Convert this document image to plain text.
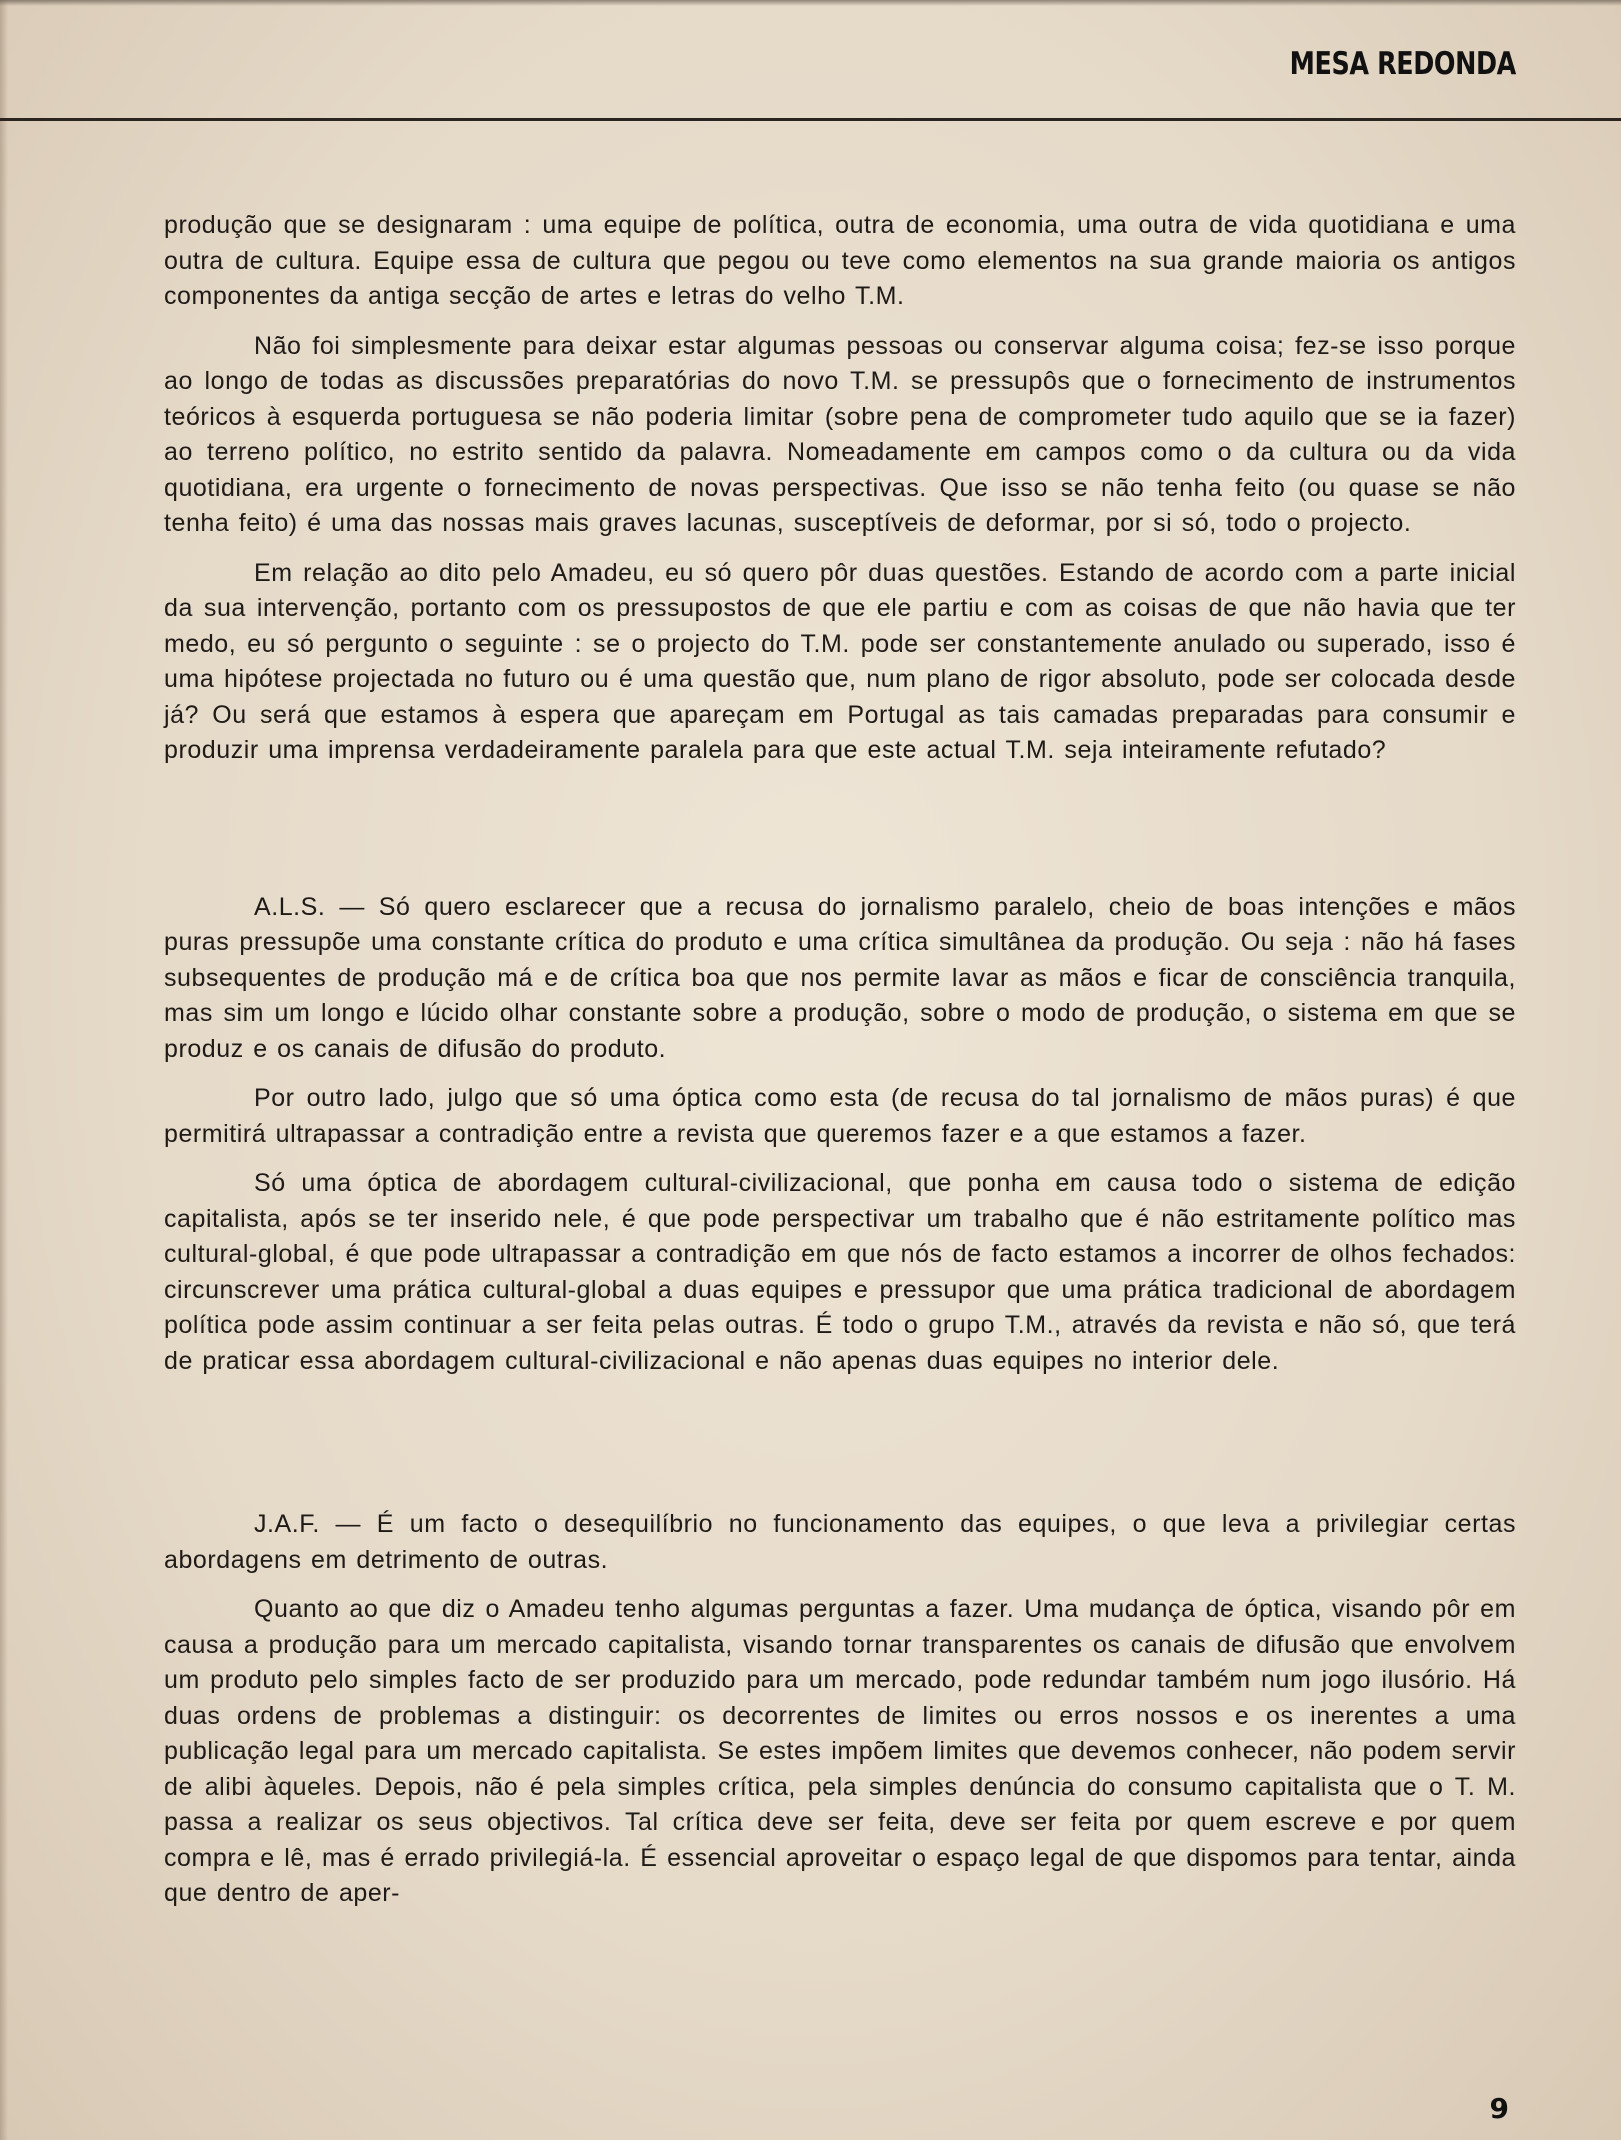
MESA REDONDA

produção que se designaram : uma equipe de política, outra de economia, uma outra de vida quotidiana e uma outra de cultura. Equipe essa de cultura que pegou ou teve como elementos na sua grande maioria os antigos componentes da antiga secção de artes e letras do velho T.M.

Não foi simplesmente para deixar estar algumas pessoas ou conservar alguma coisa; fez-se isso porque ao longo de todas as discussões preparatórias do novo T.M. se pressupôs que o fornecimento de instrumentos teóricos à esquerda portuguesa se não poderia limitar (sobre pena de comprometer tudo aquilo que se ia fazer) ao terreno político, no estrito sentido da palavra. Nomeadamente em campos como o da cultura ou da vida quotidiana, era urgente o fornecimento de novas perspectivas. Que isso se não tenha feito (ou quase se não tenha feito) é uma das nossas mais graves lacunas, susceptíveis de deformar, por si só, todo o projecto.

Em relação ao dito pelo Amadeu, eu só quero pôr duas questões. Estando de acordo com a parte inicial da sua intervenção, portanto com os pressupostos de que ele partiu e com as coisas de que não havia que ter medo, eu só pergunto o seguinte : se o projecto do T.M. pode ser constantemente anulado ou superado, isso é uma hipótese projectada no futuro ou é uma questão que, num plano de rigor absoluto, pode ser colocada desde já? Ou será que estamos à espera que apareçam em Portugal as tais camadas preparadas para consumir e produzir uma imprensa verdadeiramente paralela para que este actual T.M. seja inteiramente refutado?

A.L.S. — Só quero esclarecer que a recusa do jornalismo paralelo, cheio de boas intenções e mãos puras pressupõe uma constante crítica do produto e uma crítica simultânea da produção. Ou seja : não há fases subsequentes de produção má e de crítica boa que nos permite lavar as mãos e ficar de consciência tranquila, mas sim um longo e lúcido olhar constante sobre a produção, sobre o modo de produção, o sistema em que se produz e os canais de difusão do produto.

Por outro lado, julgo que só uma óptica como esta (de recusa do tal jornalismo de mãos puras) é que permitirá ultrapassar a contradição entre a revista que queremos fazer e a que estamos a fazer.

Só uma óptica de abordagem cultural-civilizacional, que ponha em causa todo o sistema de edição capitalista, após se ter inserido nele, é que pode perspectivar um trabalho que é não estritamente político mas cultural-global, é que pode ultrapassar a contradição em que nós de facto estamos a incorrer de olhos fechados: circunscrever uma prática cultural-global a duas equipes e pressupor que uma prática tradicional de abordagem política pode assim continuar a ser feita pelas outras. É todo o grupo T.M., através da revista e não só, que terá de praticar essa abordagem cultural-civilizacional e não apenas duas equipes no interior dele.

J.A.F. — É um facto o desequilíbrio no funcionamento das equipes, o que leva a privilegiar certas abordagens em detrimento de outras.

Quanto ao que diz o Amadeu tenho algumas perguntas a fazer. Uma mudança de óptica, visando pôr em causa a produção para um mercado capitalista, visando tornar transparentes os canais de difusão que envolvem um produto pelo simples facto de ser produzido para um mercado, pode redundar também num jogo ilusório. Há duas ordens de problemas a distinguir: os decorrentes de limites ou erros nossos e os inerentes a uma publicação legal para um mercado capitalista. Se estes impõem limites que devemos conhecer, não podem servir de alibi àqueles. Depois, não é pela simples crítica, pela simples denúncia do consumo capitalista que o T. M. passa a realizar os seus objectivos. Tal crítica deve ser feita, deve ser feita por quem escreve e por quem compra e lê, mas é errado privilegiá-la. É essencial aproveitar o espaço legal de que dispomos para tentar, ainda que dentro de aper-

9
